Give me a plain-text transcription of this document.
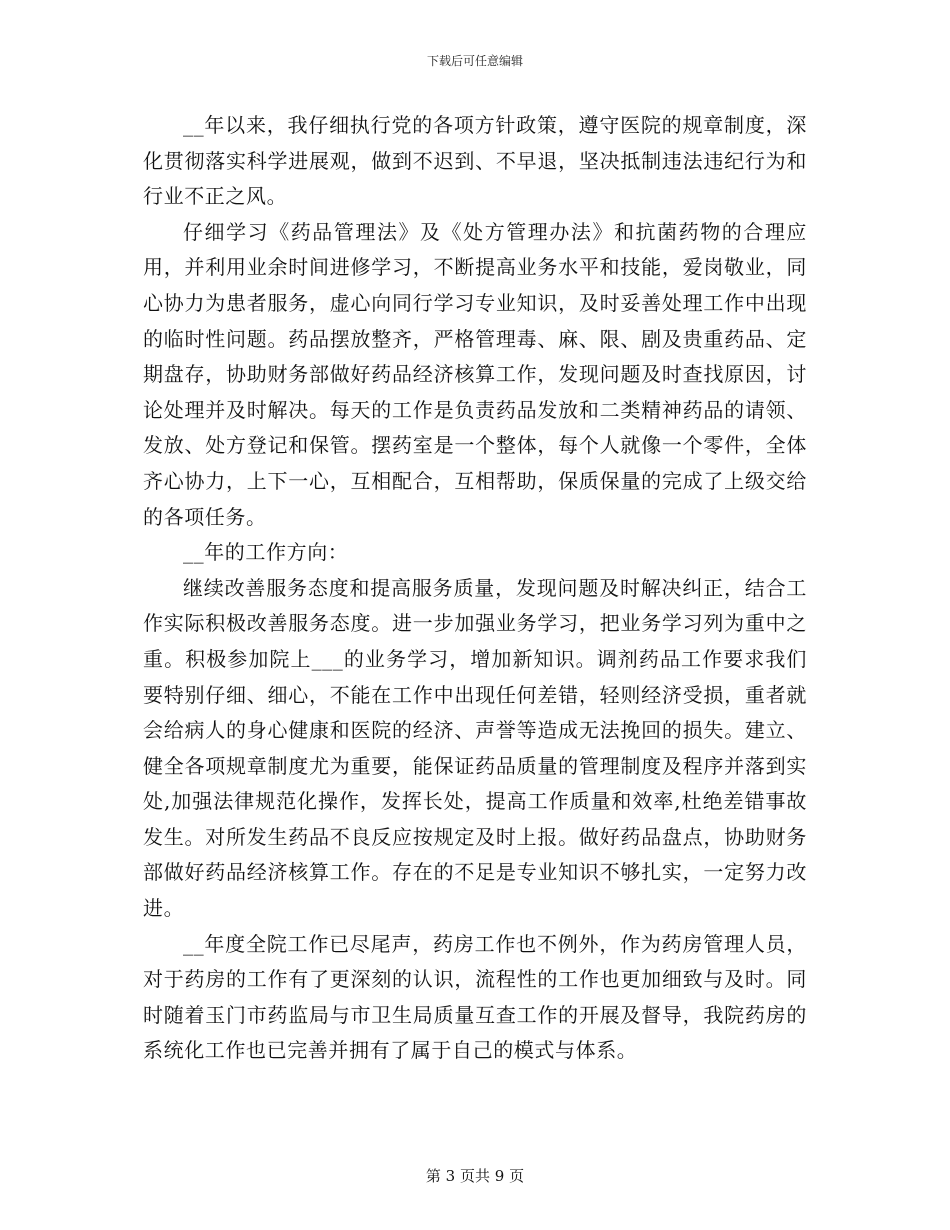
下载后可任意编辑

__年以来，我仔细执行党的各项方针政策，遵守医院的规章制度，深化贯彻落实科学进展观，做到不迟到、不早退，坚决抵制违法违纪行为和行业不正之风。

仔细学习《药品管理法》及《处方管理办法》和抗菌药物的合理应用，并利用业余时间进修学习，不断提高业务水平和技能，爱岗敬业，同心协力为患者服务，虚心向同行学习专业知识，及时妥善处理工作中出现的临时性问题。药品摆放整齐，严格管理毒、麻、限、剧及贵重药品、定期盘存，协助财务部做好药品经济核算工作，发现问题及时查找原因，讨论处理并及时解决。每天的工作是负责药品发放和二类精神药品的请领、发放、处方登记和保管。摆药室是一个整体，每个人就像一个零件，全体齐心协力，上下一心，互相配合，互相帮助，保质保量的完成了上级交给的各项任务。

__年的工作方向：

继续改善服务态度和提高服务质量，发现问题及时解决纠正，结合工作实际积极改善服务态度。进一步加强业务学习，把业务学习列为重中之重。积极参加院上___的业务学习，增加新知识。调剂药品工作要求我们要特别仔细、细心，不能在工作中出现任何差错，轻则经济受损，重者就会给病人的身心健康和医院的经济、声誉等造成无法挽回的损失。建立、健全各项规章制度尤为重要，能保证药品质量的管理制度及程序并落到实处,加强法律规范化操作，发挥长处，提高工作质量和效率,杜绝差错事故发生。对所发生药品不良反应按规定及时上报。做好药品盘点，协助财务部做好药品经济核算工作。存在的不足是专业知识不够扎实，一定努力改进。

__年度全院工作已尽尾声，药房工作也不例外，作为药房管理人员，对于药房的工作有了更深刻的认识，流程性的工作也更加细致与及时。同时随着玉门市药监局与市卫生局质量互查工作的开展及督导，我院药房的系统化工作也已完善并拥有了属于自己的模式与体系。

第 3 页共 9 页
